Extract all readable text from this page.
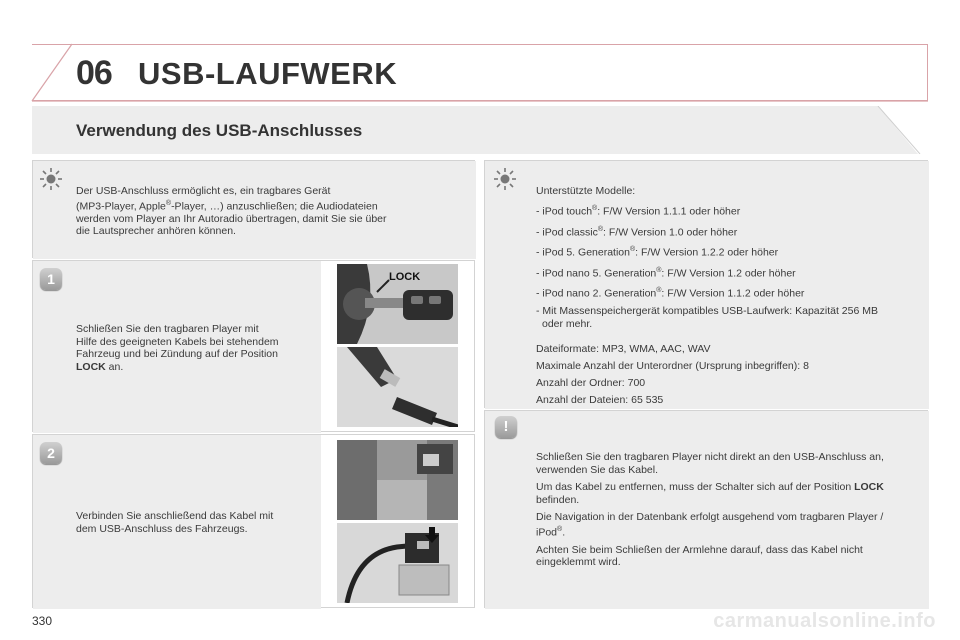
06 USB-LAUFWERK
Verwendung des USB-Anschlusses

Der USB-Anschluss ermöglicht es, ein tragbares Gerät

(MP3-Player, Apple®-Player, …) anzuschließen; die Audiodateien

werden vom Player an Ihr Autoradio übertragen, damit Sie sie über

die Lautsprecher anhören können.

1

Schließen Sie den tragbaren Player mit

Hilfe des geeigneten Kabels bei stehendem

Fahrzeug und bei Zündung auf der Position

LOCK an.

LOCK
2

Verbinden Sie anschließend das Kabel mit

dem USB-Anschluss des Fahrzeugs.

Unterstützte Modelle:

- iPod touch®: F/W Version 1.1.1 oder höher

- iPod classic®: F/W Version 1.0 oder höher

- iPod 5. Generation®: F/W Version 1.2.2 oder höher

- iPod nano 5. Generation®: F/W Version 1.2 oder höher

- iPod nano 2. Generation®: F/W Version 1.1.2 oder höher

- Mit Massenspeichergerät kompatibles USB-Laufwerk: Kapazität 256 MB

oder mehr.

Dateiformate: MP3, WMA, AAC, WAV

Maximale Anzahl der Unterordner (Ursprung inbegriffen): 8

Anzahl der Ordner: 700

Anzahl der Dateien: 65 535

!

Schließen Sie den tragbaren Player nicht direkt an den USB-Anschluss an,

verwenden Sie das Kabel.

Um das Kabel zu entfernen, muss der Schalter sich auf der Position LOCK

befinden.

Die Navigation in der Datenbank erfolgt ausgehend vom tragbaren Player /

iPod®.

Achten Sie beim Schließen der Armlehne darauf, dass das Kabel nicht

eingeklemmt wird.

330	carmanualsonline.info
